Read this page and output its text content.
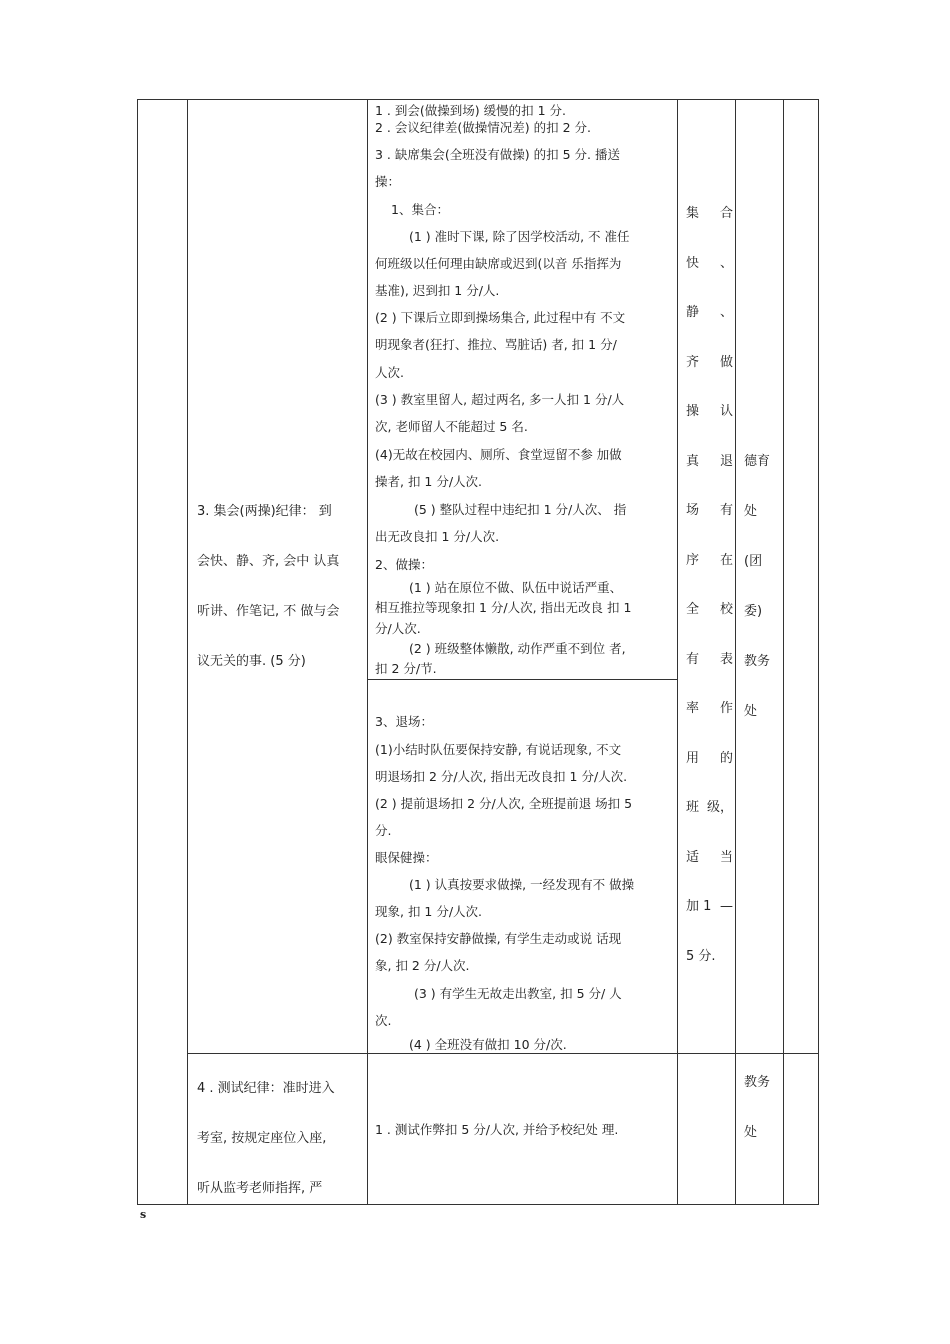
3. 集会(两操)纪律： 到
会快、静、齐, 会中 认真
听讲、作笔记, 不 做与会
议无关的事. (5 分)
4 . 测试纪律：准时进入
考室, 按规定座位入座,
听从监考老师指挥, 严
1 . 到会(做操到场) 缓慢的扣 1 分.
2 . 会议纪律差(做操情况差) 的扣 2 分.
3 . 缺席集会(全班没有做操) 的扣 5 分. 播送
操：
1、集合：
(1 ) 准时下课, 除了因学校活动, 不 准任
何班级以任何理由缺席或迟到(以音 乐指挥为
基准), 迟到扣 1 分/人.
(2 ) 下课后立即到操场集合, 此过程中有 不文
明现象者(狂打、推拉、骂脏话) 者, 扣 1 分/
人次.
(3 ) 教室里留人, 超过两名, 多一人扣 1 分/人
次, 老师留人不能超过 5 名.
(4)无故在校园内、厕所、食堂逗留不参 加做
操者, 扣 1 分/人次.
(5 ) 整队过程中违纪扣 1 分/人次、 指
出无改良扣 1 分/人次.
2、做操：
(1 ) 站在原位不做、队伍中说话严重、
相互推拉等现象扣 1 分/人次, 指出无改良 扣 1
分/人次.
(2 ) 班级整体懒散, 动作严重不到位 者,
扣 2 分/节.
3、退场：
(1)小结时队伍要保持安静, 有说话现象, 不文
明退场扣 2 分/人次, 指出无改良扣 1 分/人次.
(2 ) 提前退场扣 2 分/人次, 全班提前退 场扣 5
分.
眼保健操：
(1 ) 认真按要求做操, 一经发现有不 做操
现象, 扣 1 分/人次.
(2) 教室保持安静做操, 有学生走动或说 话现
象, 扣 2 分/人次.
(3 ) 有学生无故走出教室, 扣 5 分/ 人
次.
(4 ) 全班没有做扣 10 分/次.
1 . 测试作弊扣 5 分/人次, 并给予校纪处 理.
集 合
快 、
静 、
齐 做
操 认
真 退
场 有
序 在
全 校
有 表
率 作
用 的
班 级，
适 当
加 1 —
5 分.
德育
处
(团
委)
教务
处
教务
处
s
